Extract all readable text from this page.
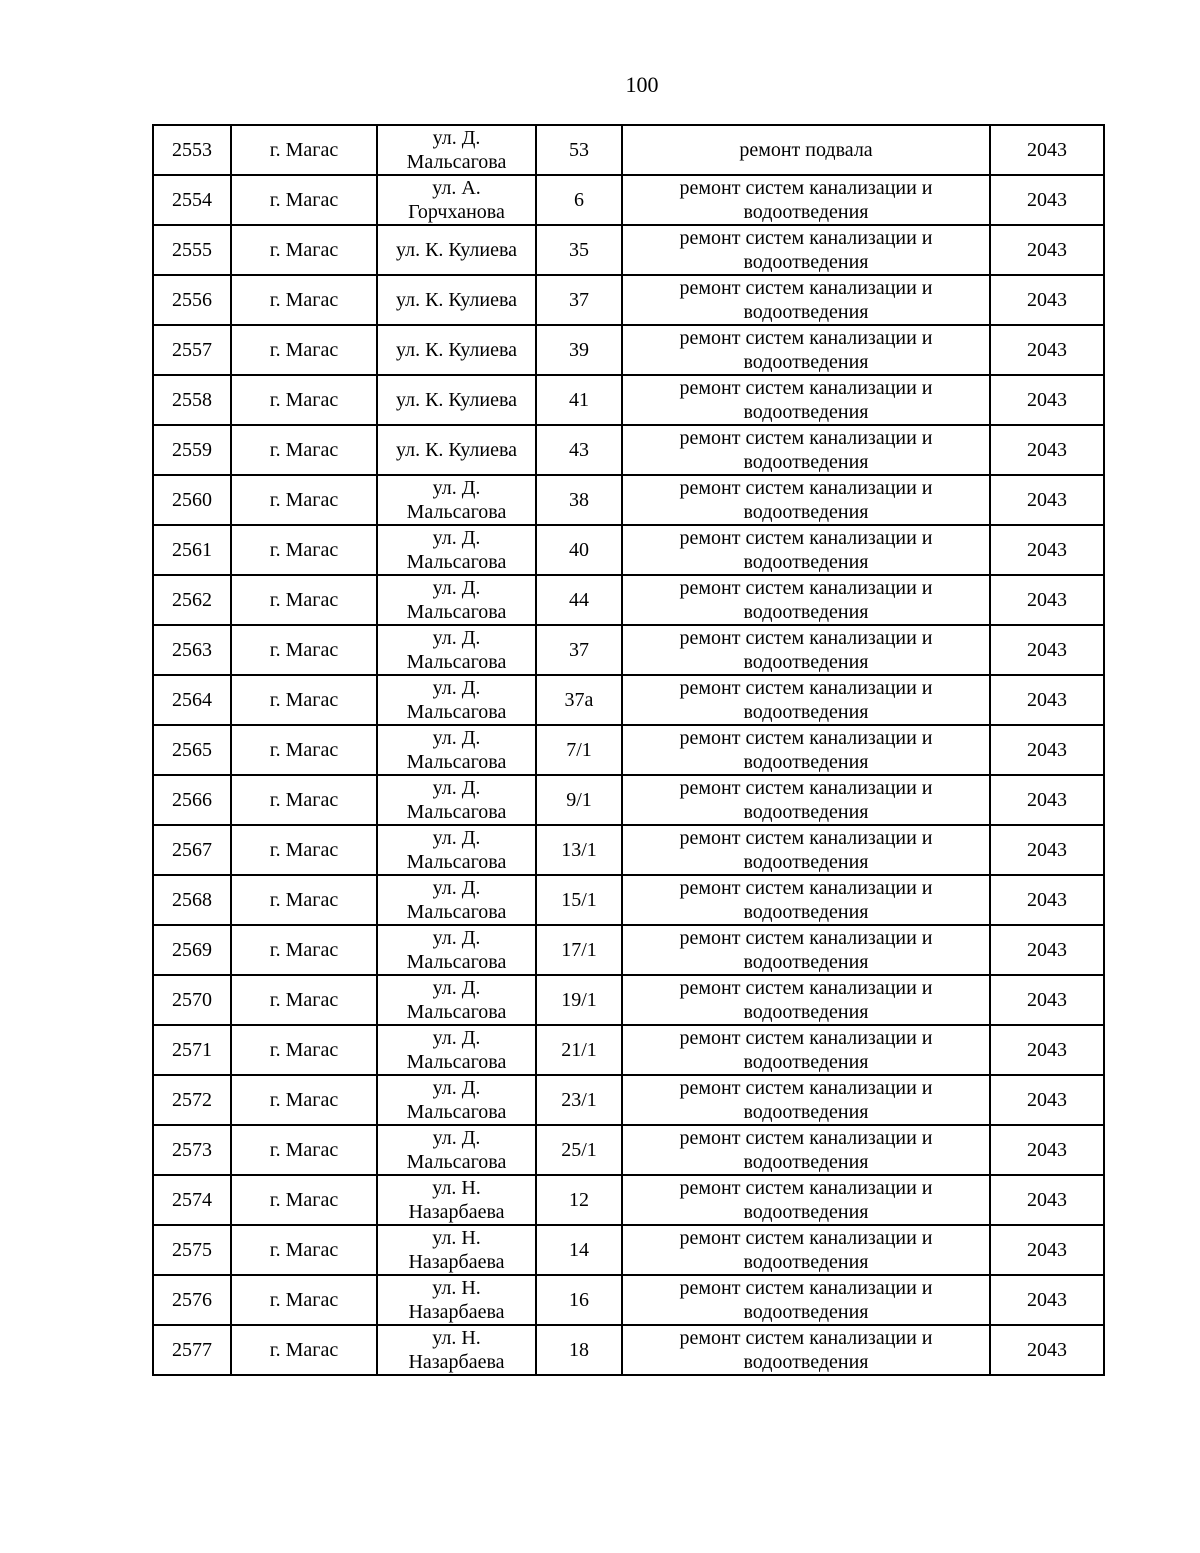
100
2553	г. Магас	ул. Д. Мальсагова	53	ремонт подвала	2043
2554	г. Магас	ул. А. Горчханова	6	ремонт систем канализации и водоотведения	2043
2555	г. Магас	ул. К. Кулиева	35	ремонт систем канализации и водоотведения	2043
2556	г. Магас	ул. К. Кулиева	37	ремонт систем канализации и водоотведения	2043
2557	г. Магас	ул. К. Кулиева	39	ремонт систем канализации и водоотведения	2043
2558	г. Магас	ул. К. Кулиева	41	ремонт систем канализации и водоотведения	2043
2559	г. Магас	ул. К. Кулиева	43	ремонт систем канализации и водоотведения	2043
2560	г. Магас	ул. Д. Мальсагова	38	ремонт систем канализации и водоотведения	2043
2561	г. Магас	ул. Д. Мальсагова	40	ремонт систем канализации и водоотведения	2043
2562	г. Магас	ул. Д. Мальсагова	44	ремонт систем канализации и водоотведения	2043
2563	г. Магас	ул. Д. Мальсагова	37	ремонт систем канализации и водоотведения	2043
2564	г. Магас	ул. Д. Мальсагова	37а	ремонт систем канализации и водоотведения	2043
2565	г. Магас	ул. Д. Мальсагова	7/1	ремонт систем канализации и водоотведения	2043
2566	г. Магас	ул. Д. Мальсагова	9/1	ремонт систем канализации и водоотведения	2043
2567	г. Магас	ул. Д. Мальсагова	13/1	ремонт систем канализации и водоотведения	2043
2568	г. Магас	ул. Д. Мальсагова	15/1	ремонт систем канализации и водоотведения	2043
2569	г. Магас	ул. Д. Мальсагова	17/1	ремонт систем канализации и водоотведения	2043
2570	г. Магас	ул. Д. Мальсагова	19/1	ремонт систем канализации и водоотведения	2043
2571	г. Магас	ул. Д. Мальсагова	21/1	ремонт систем канализации и водоотведения	2043
2572	г. Магас	ул. Д. Мальсагова	23/1	ремонт систем канализации и водоотведения	2043
2573	г. Магас	ул. Д. Мальсагова	25/1	ремонт систем канализации и водоотведения	2043
2574	г. Магас	ул. Н. Назарбаева	12	ремонт систем канализации и водоотведения	2043
2575	г. Магас	ул. Н. Назарбаева	14	ремонт систем канализации и водоотведения	2043
2576	г. Магас	ул. Н. Назарбаева	16	ремонт систем канализации и водоотведения	2043
2577	г. Магас	ул. Н. Назарбаева	18	ремонт систем канализации и водоотведения	2043
